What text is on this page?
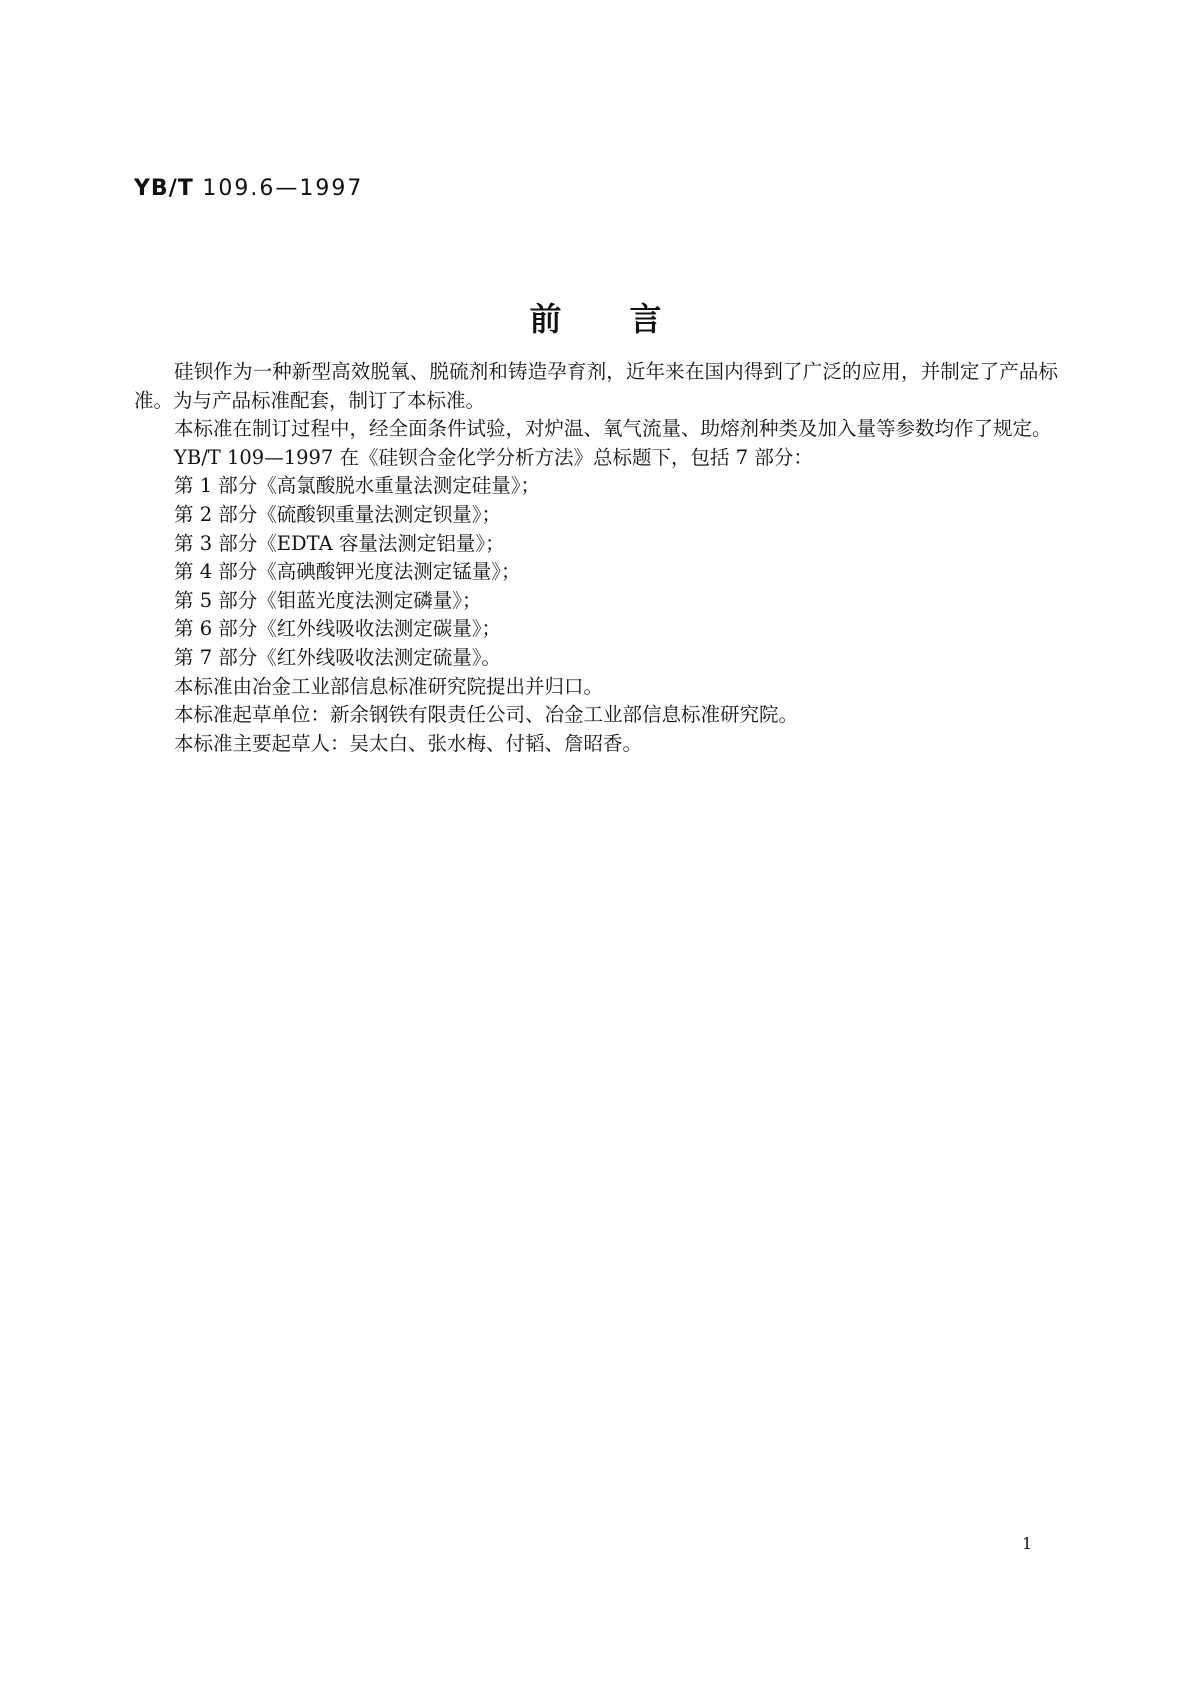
YB/T 109.6—1997
前言

硅钡作为一种新型高效脱氧、脱硫剂和铸造孕育剂，近年来在国内得到了广泛的应用，并制定了产品标准。为与产品标准配套，制订了本标准。

本标准在制订过程中，经全面条件试验，对炉温、氧气流量、助熔剂种类及加入量等参数均作了规定。

YB/T 109—1997 在《硅钡合金化学分析方法》总标题下，包括 7 部分：

第 1 部分《高氯酸脱水重量法测定硅量》；

第 2 部分《硫酸钡重量法测定钡量》；

第 3 部分《EDTA 容量法测定铝量》；

第 4 部分《高碘酸钾光度法测定锰量》；

第 5 部分《钼蓝光度法测定磷量》；

第 6 部分《红外线吸收法测定碳量》；

第 7 部分《红外线吸收法测定硫量》。

本标准由冶金工业部信息标准研究院提出并归口。

本标准起草单位：新余钢铁有限责任公司、冶金工业部信息标准研究院。

本标准主要起草人：吴太白、张水梅、付韬、詹昭香。

1
